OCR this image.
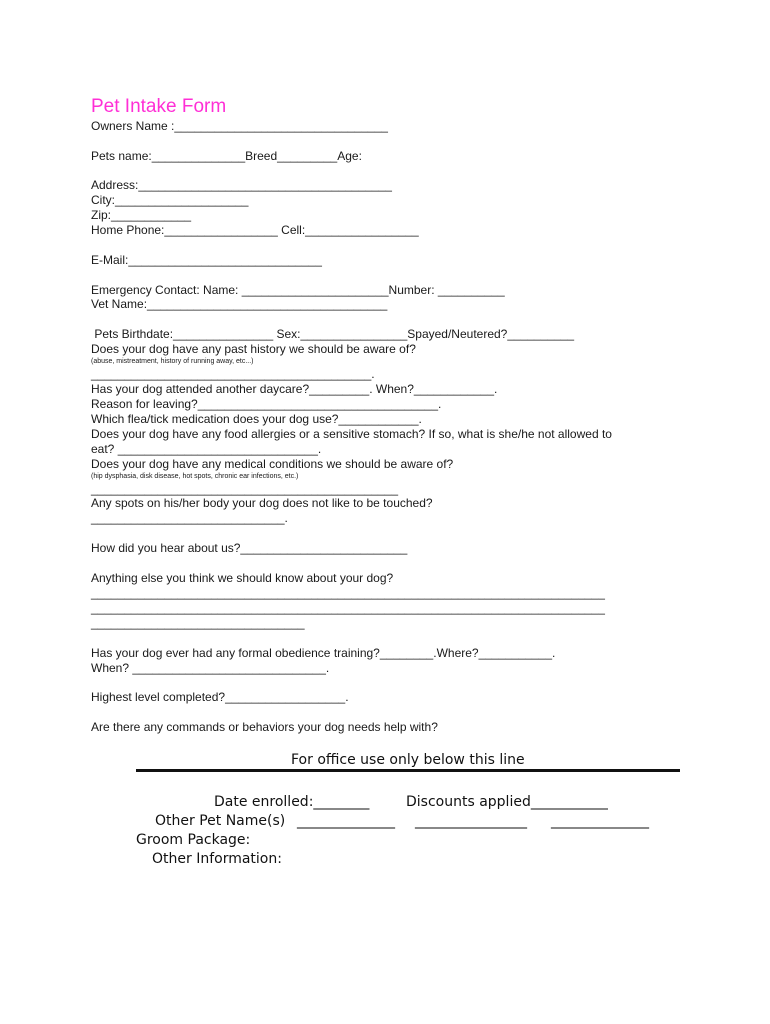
Pet Intake Form
Owners Name :________________________________
Pets name:______________Breed_________Age:
Address:______________________________________
City:____________________
Zip:____________
Home Phone:_________________ Cell:_________________
E-Mail:_____________________________
Emergency Contact: Name: ______________________Number: __________
Vet Name:____________________________________
Pets Birthdate:_______________ Sex:________________Spayed/Neutered?__________
Does your dog have any past history we should be aware of?
(abuse, mistreatment, history of running away, etc...)
__________________________________________.
Has your dog attended another daycare?_________. When?____________.
Reason for leaving?____________________________________.
Which flea/tick medication does your dog use?____________.
Does your dog have any food allergies or a sensitive stomach? If so, what is she/he not allowed to
eat? ______________________________.
Does your dog have any medical conditions we should be aware of?
(hip dysphasia, disk disease, hot spots, chronic ear infections, etc.)
______________________________________________
Any spots on his/her body your dog does not like to be touched?
_____________________________.
How did you hear about us?_________________________
Anything else you think we should know about your dog?
_____________________________________________________________________________
_____________________________________________________________________________
________________________________
Has your dog ever had any formal obedience training?________.Where?___________.
When? _____________________________.
Highest level completed?__________________.
Are there any commands or behaviors your dog needs help with?
For office use only below this line
Date enrolled:________	Discounts applied___________
Other Pet Name(s) ______________ ________________ ______________
Groom Package:
Other Information:
